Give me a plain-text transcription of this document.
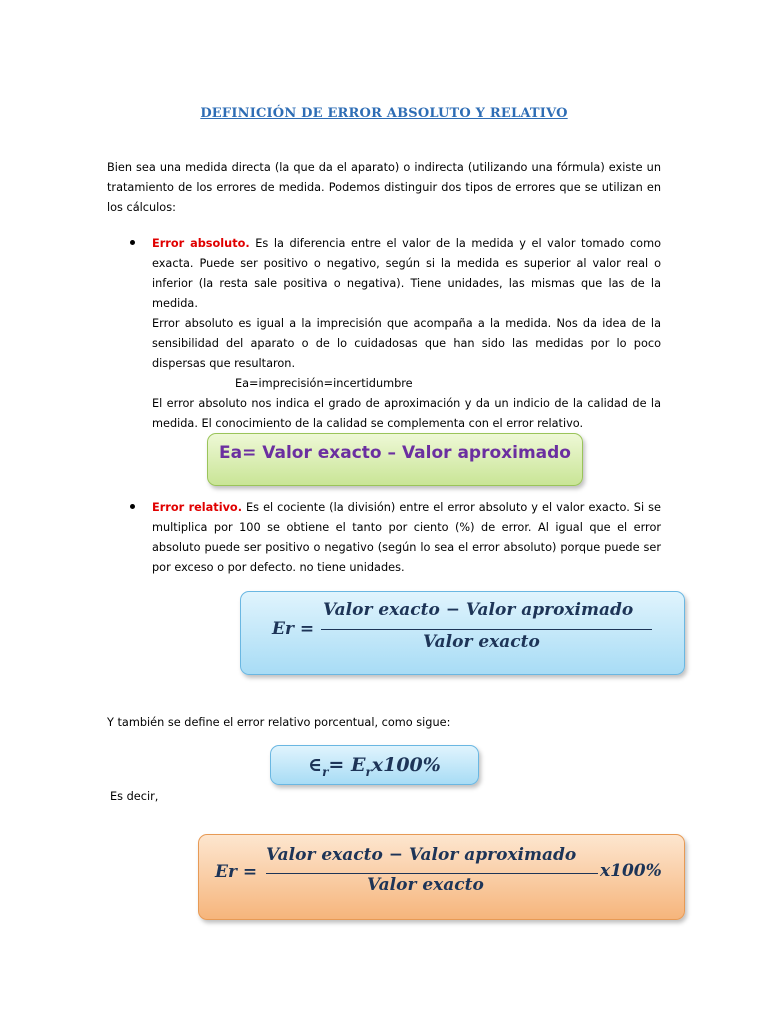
DEFINICIÓN DE ERROR ABSOLUTO Y RELATIVO
Bien sea una medida directa (la que da el aparato) o indirecta (utilizando una fórmula) existe un tratamiento de los errores de medida. Podemos distinguir dos tipos de errores que se utilizan en los cálculos:
Error absoluto. Es la diferencia entre el valor de la medida y el valor tomado como exacta. Puede ser positivo o negativo, según si la medida es superior al valor real o inferior (la resta sale positiva o negativa). Tiene unidades, las mismas que las de la medida.
Error absoluto es igual a la imprecisión que acompaña a la medida. Nos da idea de la sensibilidad del aparato o de lo cuidadosas que han sido las medidas por lo poco dispersas que resultaron.

Ea=imprecisión=incertidumbre
El error absoluto nos indica el grado de aproximación y da un indicio de la calidad de la medida. El conocimiento de la calidad se complementa con el error relativo.
Ea= Valor exacto – Valor aproximado
Error relativo. Es el cociente (la división) entre el error absoluto y el valor exacto. Si se multiplica por 100 se obtiene el tanto por ciento (%) de error. Al igual que el error absoluto puede ser positivo o negativo (según lo sea el error absoluto) porque puede ser por exceso o por defecto. no tiene unidades.
Er =
Valor exacto − Valor aproximado
Valor exacto
Y también se define el error relativo porcentual, como sigue:
$\in_r= E_rx100\%$
Es decir,
Er =
Valor exacto − Valor aproximado
Valor exacto
x100%
